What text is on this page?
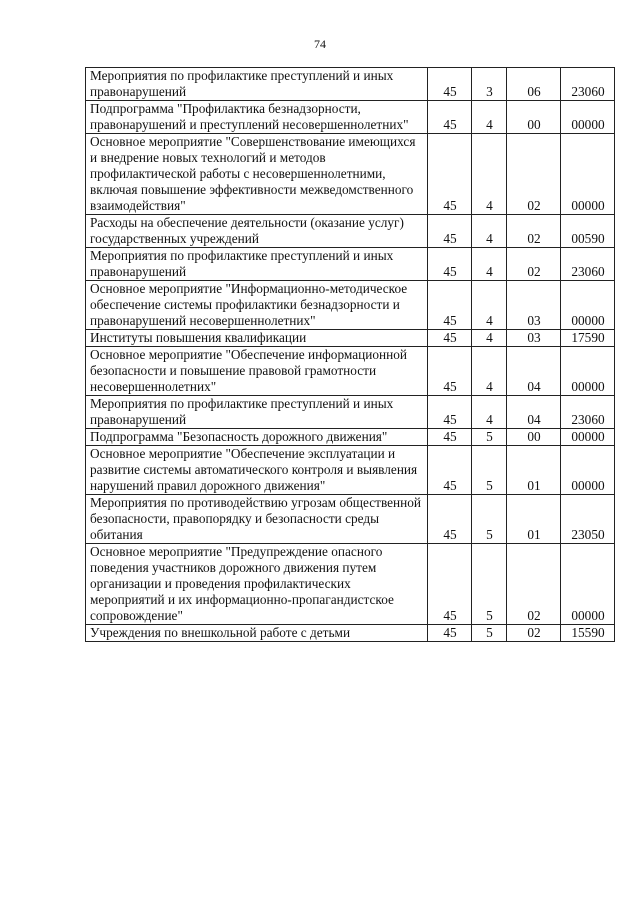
74
Мероприятия по профилактике преступлений и иных правонарушений	45	3	06	23060
Подпрограмма "Профилактика безнадзорности, правонарушений и преступлений несовершеннолетних"	45	4	00	00000
Основное мероприятие "Совершенствование имеющихся и внедрение новых технологий и методов профилактической работы с несовершеннолетними, включая повышение эффективности межведомственного взаимодействия"	45	4	02	00000
Расходы на обеспечение деятельности (оказание услуг) государственных учреждений	45	4	02	00590
Мероприятия по профилактике преступлений и иных правонарушений	45	4	02	23060
Основное мероприятие "Информационно-методическое обеспечение системы профилактики безнадзорности и правонарушений несовершеннолетних"	45	4	03	00000
Институты повышения квалификации	45	4	03	17590
Основное мероприятие "Обеспечение информационной безопасности и повышение правовой грамотности несовершеннолетних"	45	4	04	00000
Мероприятия по профилактике преступлений и иных правонарушений	45	4	04	23060
Подпрограмма "Безопасность дорожного движения"	45	5	00	00000
Основное мероприятие "Обеспечение эксплуатации и развитие системы автоматического контроля и выявления нарушений правил дорожного движения"	45	5	01	00000
Мероприятия по противодействию угрозам общественной безопасности, правопорядку и безопасности среды обитания	45	5	01	23050
Основное мероприятие "Предупреждение опасного поведения участников дорожного движения путем организации и проведения профилактических мероприятий и их информационно-пропагандистское сопровождение"	45	5	02	00000
Учреждения по внешкольной работе с детьми	45	5	02	15590
